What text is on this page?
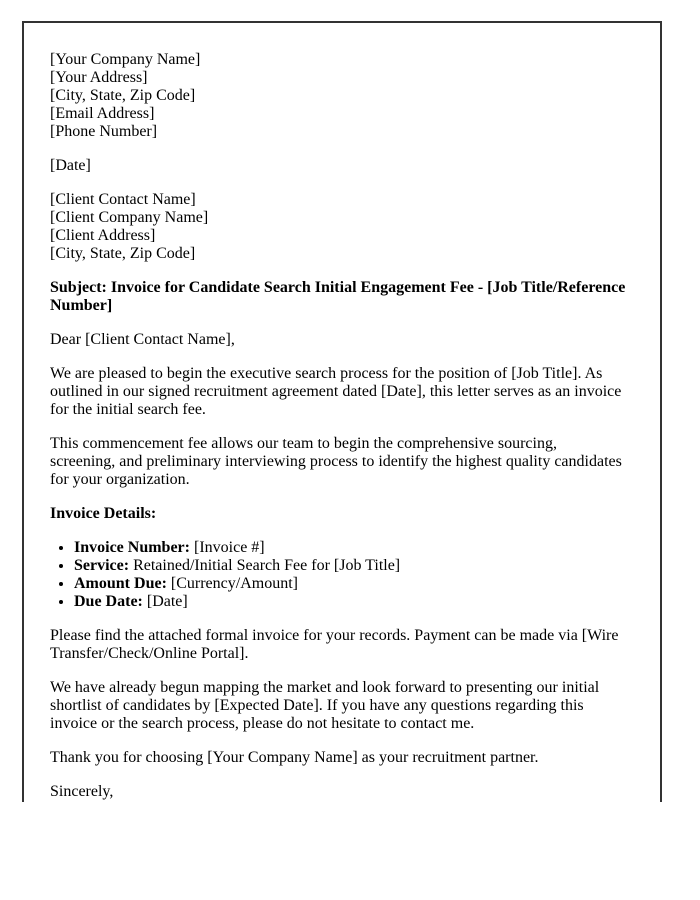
[Your Company Name]
[Your Address]
[City, State, Zip Code]
[Email Address]
[Phone Number]

[Date]

[Client Contact Name]
[Client Company Name]
[Client Address]
[City, State, Zip Code]

Subject: Invoice for Candidate Search Initial Engagement Fee - [Job Title/Reference Number]

Dear [Client Contact Name],

We are pleased to begin the executive search process for the position of [Job Title]. As outlined in our signed recruitment agreement dated [Date], this letter serves as an invoice for the initial search fee.

This commencement fee allows our team to begin the comprehensive sourcing, screening, and preliminary interviewing process to identify the highest quality candidates for your organization.

Invoice Details:

• Invoice Number: [Invoice #]
• Service: Retained/Initial Search Fee for [Job Title]
• Amount Due: [Currency/Amount]
• Due Date: [Date]

Please find the attached formal invoice for your records. Payment can be made via [Wire Transfer/Check/Online Portal].

We have already begun mapping the market and look forward to presenting our initial shortlist of candidates by [Expected Date]. If you have any questions regarding this invoice or the search process, please do not hesitate to contact me.

Thank you for choosing [Your Company Name] as your recruitment partner.

Sincerely,
